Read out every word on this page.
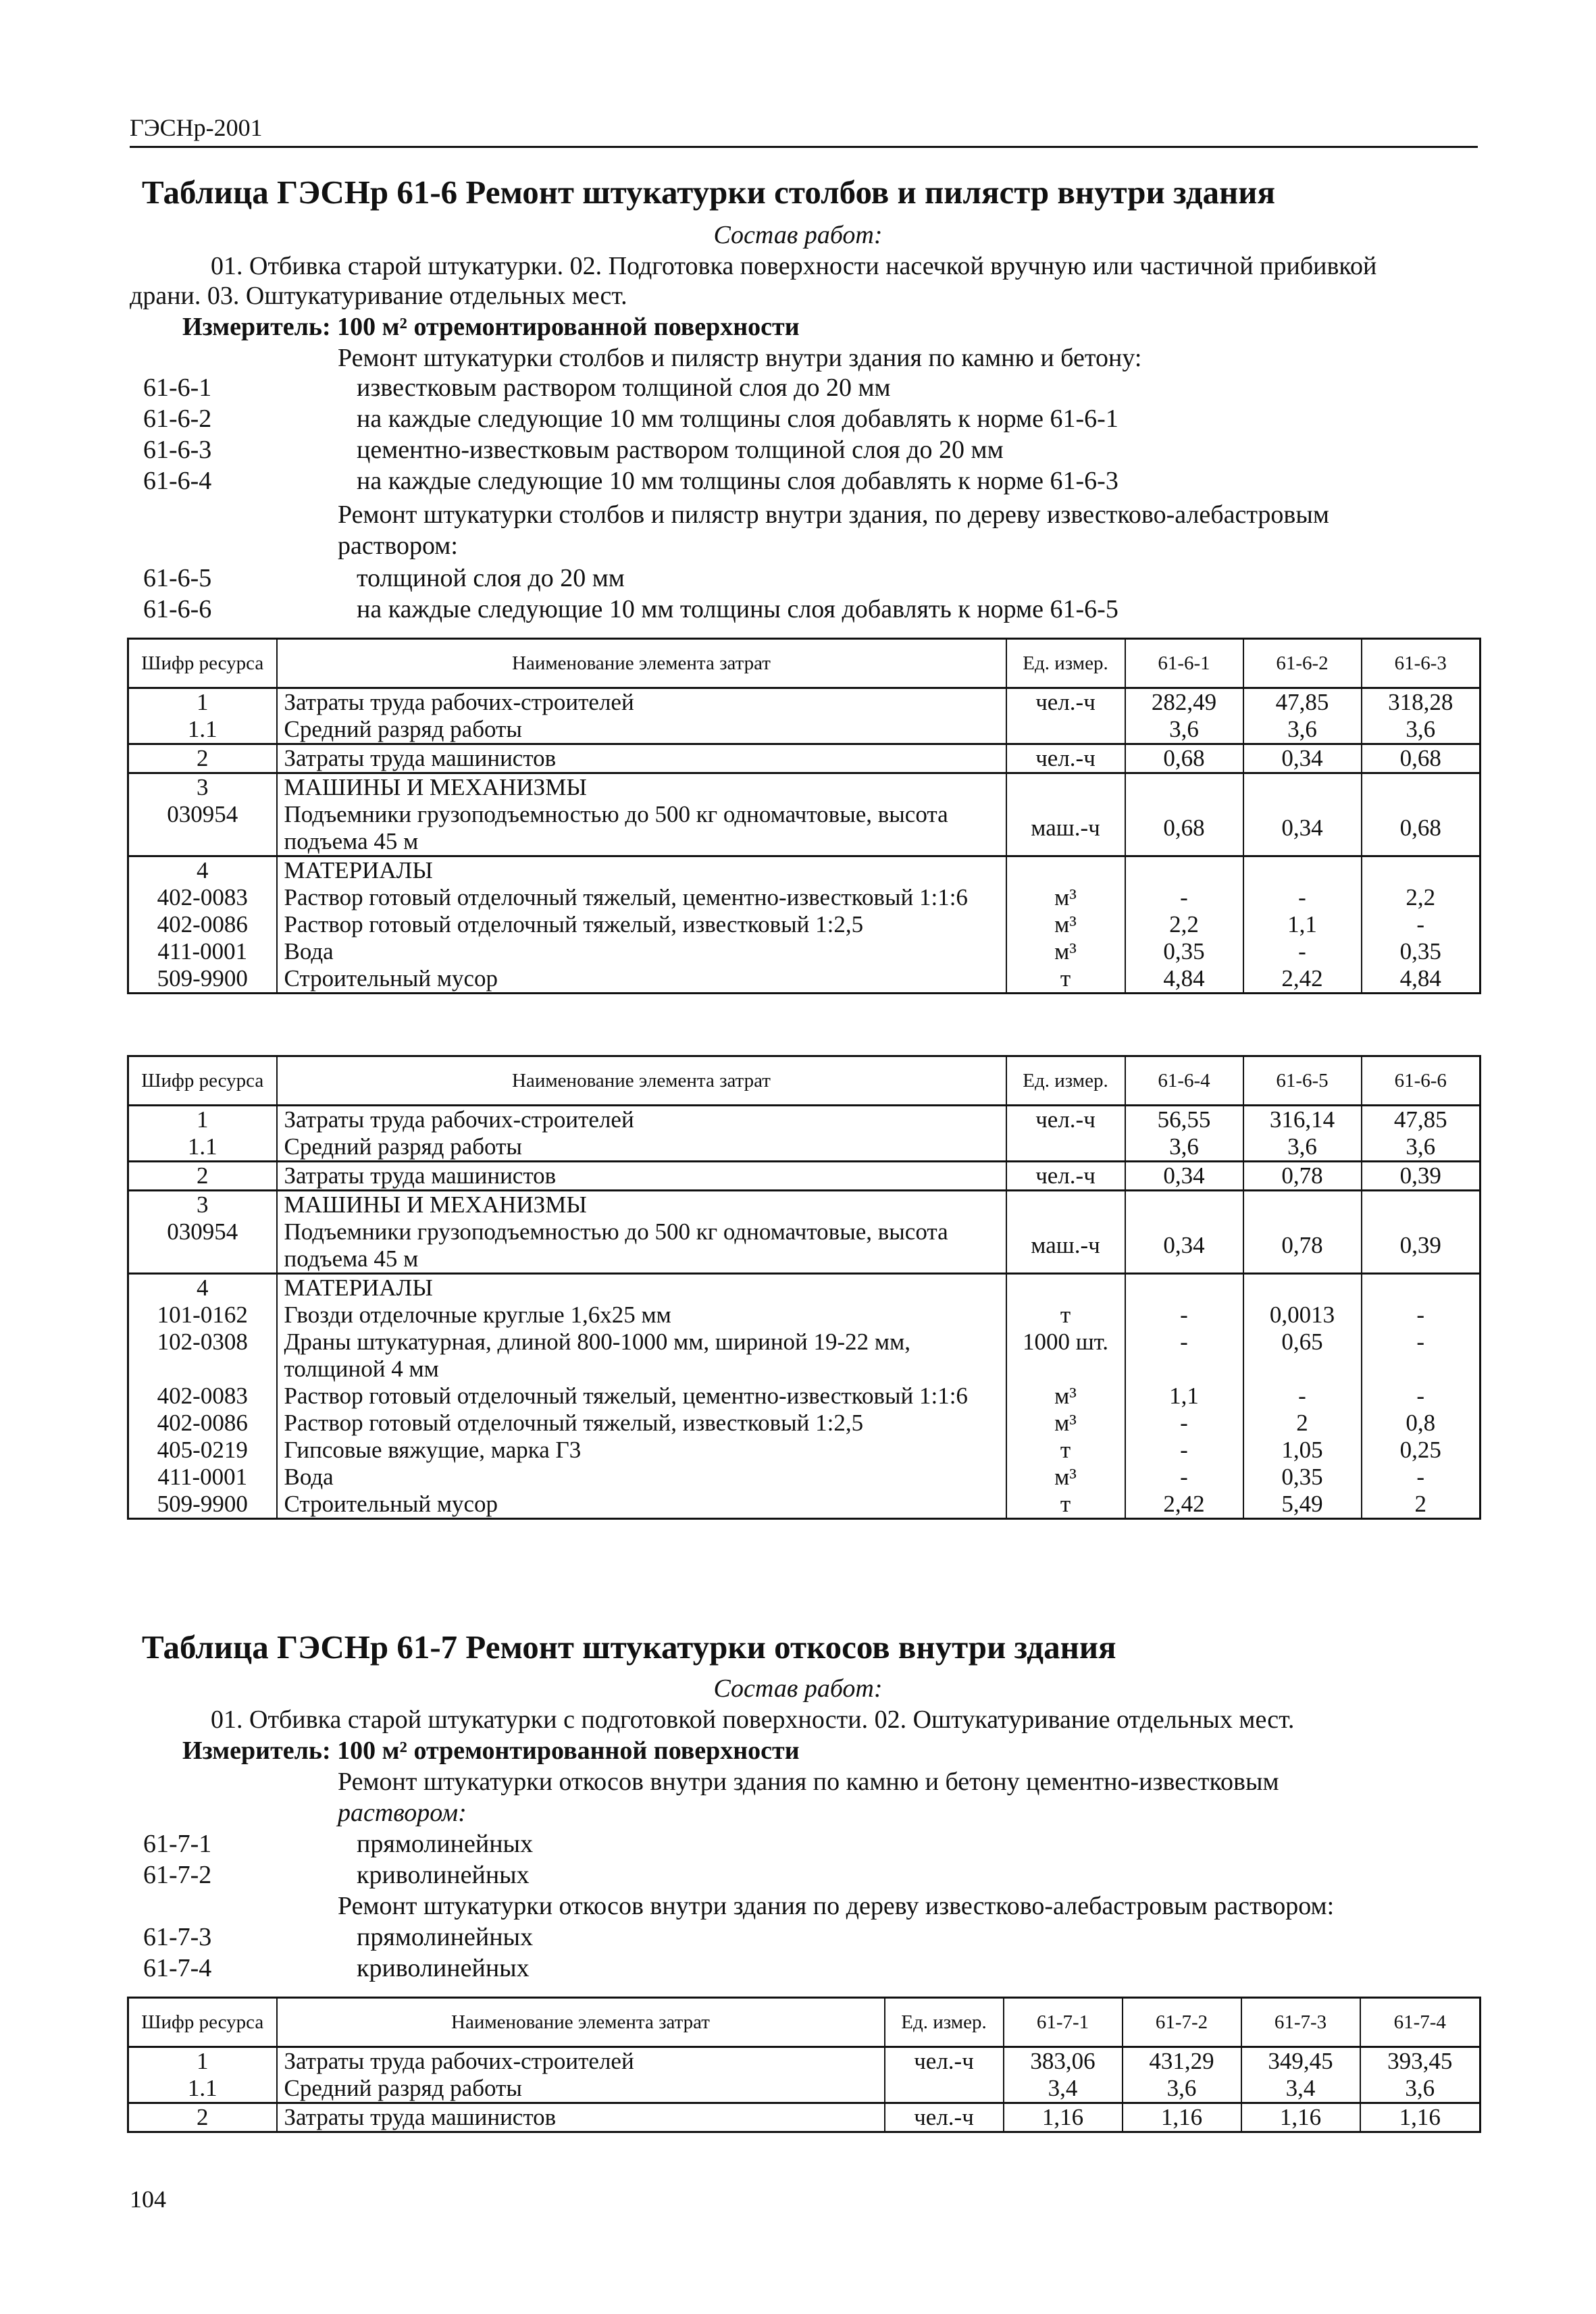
ГЭСНр-2001
Таблица ГЭСНр 61-6 Ремонт штукатурки столбов и пилястр внутри здания
Состав работ:
01. Отбивка старой штукатурки. 02. Подготовка поверхности насечкой вручную или частичной прибивкой
драни. 03. Оштукатуривание отдельных мест.
Измеритель: 100 м² отремонтированной поверхности
Ремонт штукатурки столбов и пилястр внутри здания по камню и бетону:
61-6-1	известковым раствором толщиной слоя до 20 мм
61-6-2	на каждые следующие 10 мм толщины слоя добавлять к норме 61-6-1
61-6-3	цементно-известковым раствором толщиной слоя до 20 мм
61-6-4	на каждые следующие 10 мм толщины слоя добавлять к норме 61-6-3
Ремонт штукатурки столбов и пилястр внутри здания, по дереву известково-алебастровым
раствором:
61-6-5	толщиной слоя до 20 мм
61-6-6	на каждые следующие 10 мм толщины слоя добавлять к норме 61-6-5
Шифр ресурса	Наименование элемента затрат	Ед. измер.	61-6-1	61-6-2	61-6-3
1	Затраты труда рабочих-строителей	чел.-ч	282,49	47,85	318,28
1.1	Средний разряд работы		3,6	3,6	3,6
2	Затраты труда машинистов	чел.-ч	0,68	0,34	0,68
3	МАШИНЫ И МЕХАНИЗМЫ				
030954	Подъемники грузоподъемностью до 500 кг одномачтовые, высота подъема 45 м	маш.-ч	0,68	0,34	0,68
4	МАТЕРИАЛЫ				
402-0083	Раствор готовый отделочный тяжелый, цементно-известковый 1:1:6	м³	-	-	2,2
402-0086	Раствор готовый отделочный тяжелый, известковый 1:2,5	м³	2,2	1,1	-
411-0001	Вода	м³	0,35	-	0,35
509-9900	Строительный мусор	т	4,84	2,42	4,84
Шифр ресурса	Наименование элемента затрат	Ед. измер.	61-6-4	61-6-5	61-6-6
1	Затраты труда рабочих-строителей	чел.-ч	56,55	316,14	47,85
1.1	Средний разряд работы		3,6	3,6	3,6
2	Затраты труда машинистов	чел.-ч	0,34	0,78	0,39
3	МАШИНЫ И МЕХАНИЗМЫ				
030954	Подъемники грузоподъемностью до 500 кг одномачтовые, высота подъема 45 м	маш.-ч	0,34	0,78	0,39
4	МАТЕРИАЛЫ				
101-0162	Гвозди отделочные круглые 1,6х25 мм	т	-	0,0013	-
102-0308	Драны штукатурная, длиной 800-1000 мм, шириной 19-22 мм, толщиной 4 мм	1000 шт.	-	0,65	-
402-0083	Раствор готовый отделочный тяжелый, цементно-известковый 1:1:6	м³	1,1	-	-
402-0086	Раствор готовый отделочный тяжелый, известковый 1:2,5	м³	-	2	0,8
405-0219	Гипсовые вяжущие, марка Г3	т	-	1,05	0,25
411-0001	Вода	м³	-	0,35	-
509-9900	Строительный мусор	т	2,42	5,49	2
Таблица ГЭСНр 61-7 Ремонт штукатурки откосов внутри здания
Состав работ:
01. Отбивка старой штукатурки с подготовкой поверхности. 02. Оштукатуривание отдельных мест.
Измеритель: 100 м² отремонтированной поверхности
Ремонт штукатурки откосов внутри здания по камню и бетону цементно-известковым
раствором:
61-7-1	прямолинейных
61-7-2	криволинейных
Ремонт штукатурки откосов внутри здания по дереву известково-алебастровым раствором:
61-7-3	прямолинейных
61-7-4	криволинейных
Шифр ресурса	Наименование элемента затрат	Ед. измер.	61-7-1	61-7-2	61-7-3	61-7-4
1	Затраты труда рабочих-строителей	чел.-ч	383,06	431,29	349,45	393,45
1.1	Средний разряд работы		3,4	3,6	3,4	3,6
2	Затраты труда машинистов	чел.-ч	1,16	1,16	1,16	1,16
104
